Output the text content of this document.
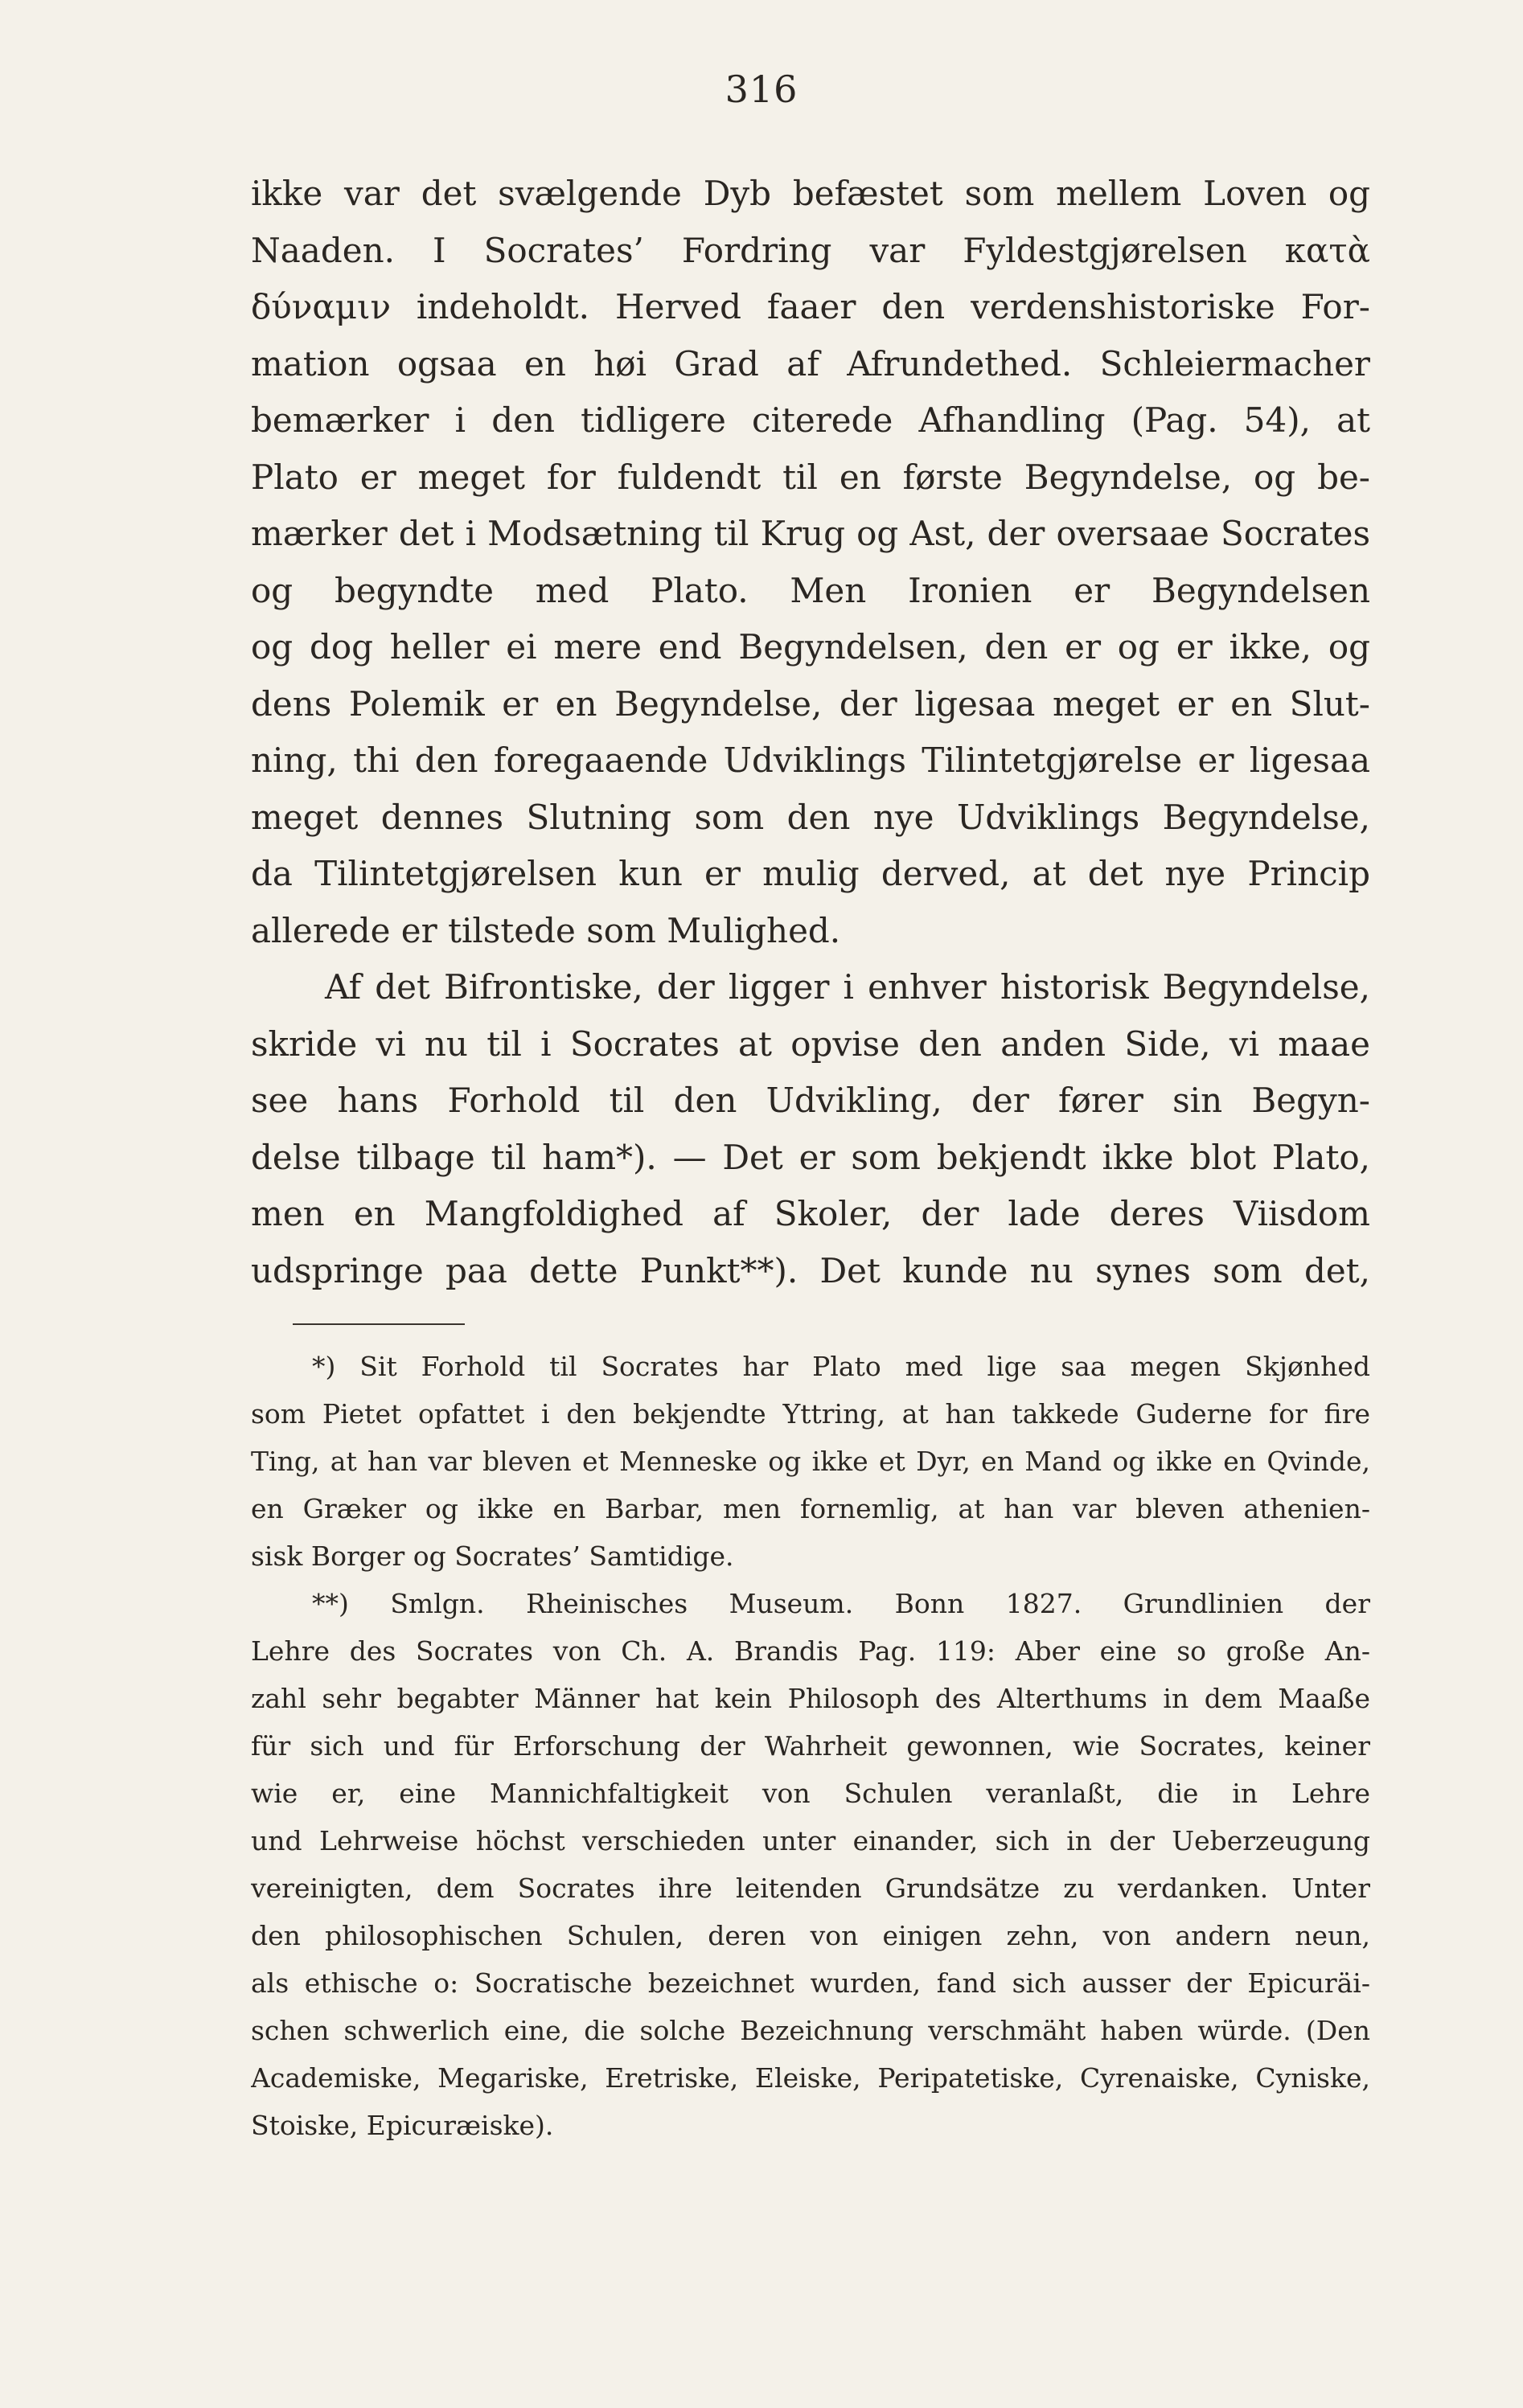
316
ikke var det svælgende Dyb befæstet som mellem Loven og
Naaden. I Socrates’ Fordring var Fyldestgjørelsen κατὰ
δύναμιν indeholdt. Herved faaer den verdenshistoriske For-
mation ogsaa en høi Grad af Afrundethed. Schleiermacher
bemærker i den tidligere citerede Afhandling (Pag. 54), at
Plato er meget for fuldendt til en første Begyndelse, og be-
mærker det i Modsætning til Krug og Ast, der oversaae Socrates
og begyndte med Plato. Men Ironien er Begyndelsen
og dog heller ei mere end Begyndelsen, den er og er ikke, og
dens Polemik er en Begyndelse, der ligesaa meget er en Slut-
ning, thi den foregaaende Udviklings Tilintetgjørelse er ligesaa
meget dennes Slutning som den nye Udviklings Begyndelse,
da Tilintetgjørelsen kun er mulig derved, at det nye Princip
allerede er tilstede som Mulighed.
Af det Bifrontiske, der ligger i enhver historisk Begyndelse,
skride vi nu til i Socrates at opvise den anden Side, vi maae
see hans Forhold til den Udvikling, der fører sin Begyn-
delse tilbage til ham*). — Det er som bekjendt ikke blot Plato,
men en Mangfoldighed af Skoler, der lade deres Viisdom
udspringe paa dette Punkt**). Det kunde nu synes som det,
*) Sit Forhold til Socrates har Plato med lige saa megen Skjønhed
som Pietet opfattet i den bekjendte Yttring, at han takkede Guderne for fire
Ting, at han var bleven et Menneske og ikke et Dyr, en Mand og ikke en Qvinde,
en Græker og ikke en Barbar, men fornemlig, at han var bleven athenien-
sisk Borger og Socrates’ Samtidige.
**) Smlgn. Rheinisches Museum. Bonn 1827. Grundlinien der
Lehre des Socrates von Ch. A. Brandis Pag. 119: Aber eine so große An-
zahl sehr begabter Männer hat kein Philosoph des Alterthums in dem Maaße
für sich und für Erforschung der Wahrheit gewonnen, wie Socrates, keiner
wie er, eine Mannichfaltigkeit von Schulen veranlaßt, die in Lehre
und Lehrweise höchst verschieden unter einander, sich in der Ueberzeugung
vereinigten, dem Socrates ihre leitenden Grundsätze zu verdanken. Unter
den philosophischen Schulen, deren von einigen zehn, von andern neun,
als ethische o: Socratische bezeichnet wurden, fand sich ausser der Epicuräi-
schen schwerlich eine, die solche Bezeichnung verschmäht haben würde. (Den
Academiske, Megariske, Eretriske, Eleiske, Peripatetiske, Cyrenaiske, Cyniske,
Stoiske, Epicuræiske).
